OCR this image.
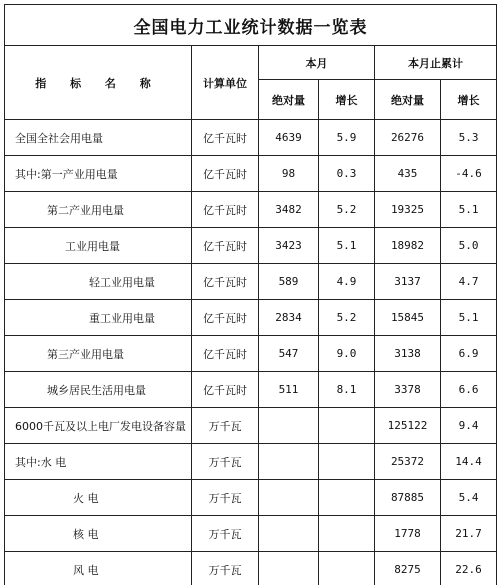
全国电力工业统计数据一览表					
指 标 名 称	计算单位	本月		本月止累计	
		绝对量	增长	绝对量	增长
全国全社会用电量	亿千瓦时	4639	5.9	26276	5.3
其中:第一产业用电量	亿千瓦时	98	0.3	435	-4.6
第二产业用电量	亿千瓦时	3482	5.2	19325	5.1
工业用电量	亿千瓦时	3423	5.1	18982	5.0
轻工业用电量	亿千瓦时	589	4.9	3137	4.7
重工业用电量	亿千瓦时	2834	5.2	15845	5.1
第三产业用电量	亿千瓦时	547	9.0	3138	6.9
城乡居民生活用电量	亿千瓦时	511	8.1	3378	6.6
6000千瓦及以上电厂发电设备容量	万千瓦			125122	9.4
其中:水 电	万千瓦			25372	14.4
火 电	万千瓦			87885	5.4
核 电	万千瓦			1778	21.7
风 电	万千瓦			8275	22.6
